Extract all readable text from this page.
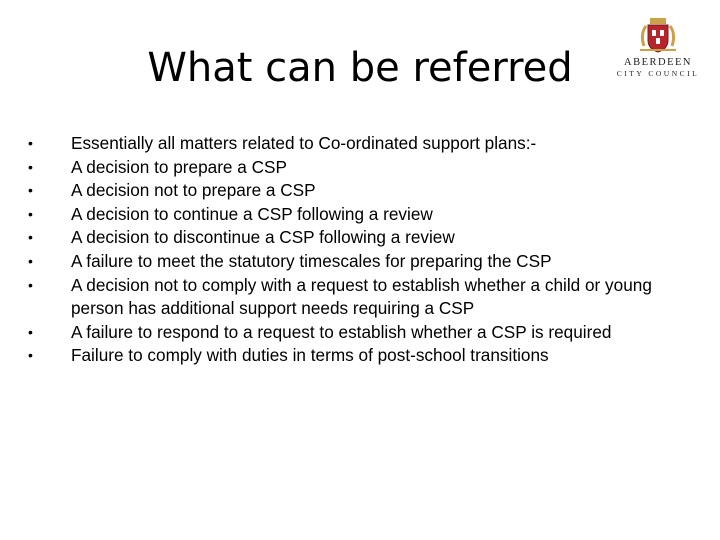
What can be referred	ABERDEEN
CITY COUNCIL
•	Essentially all matters related to Co-ordinated support plans:-
•	A decision to prepare a CSP
•	A decision not to prepare a CSP
•	A decision to continue a CSP following a review
•	A decision to discontinue a CSP following a review
•	A failure to meet the statutory timescales for preparing the CSP
•	A decision not to comply with a request to establish whether a child or young person has additional support needs requiring a CSP
•	A failure to respond to a request to establish whether a CSP is required
•	Failure to comply with duties in terms of post-school transitions
